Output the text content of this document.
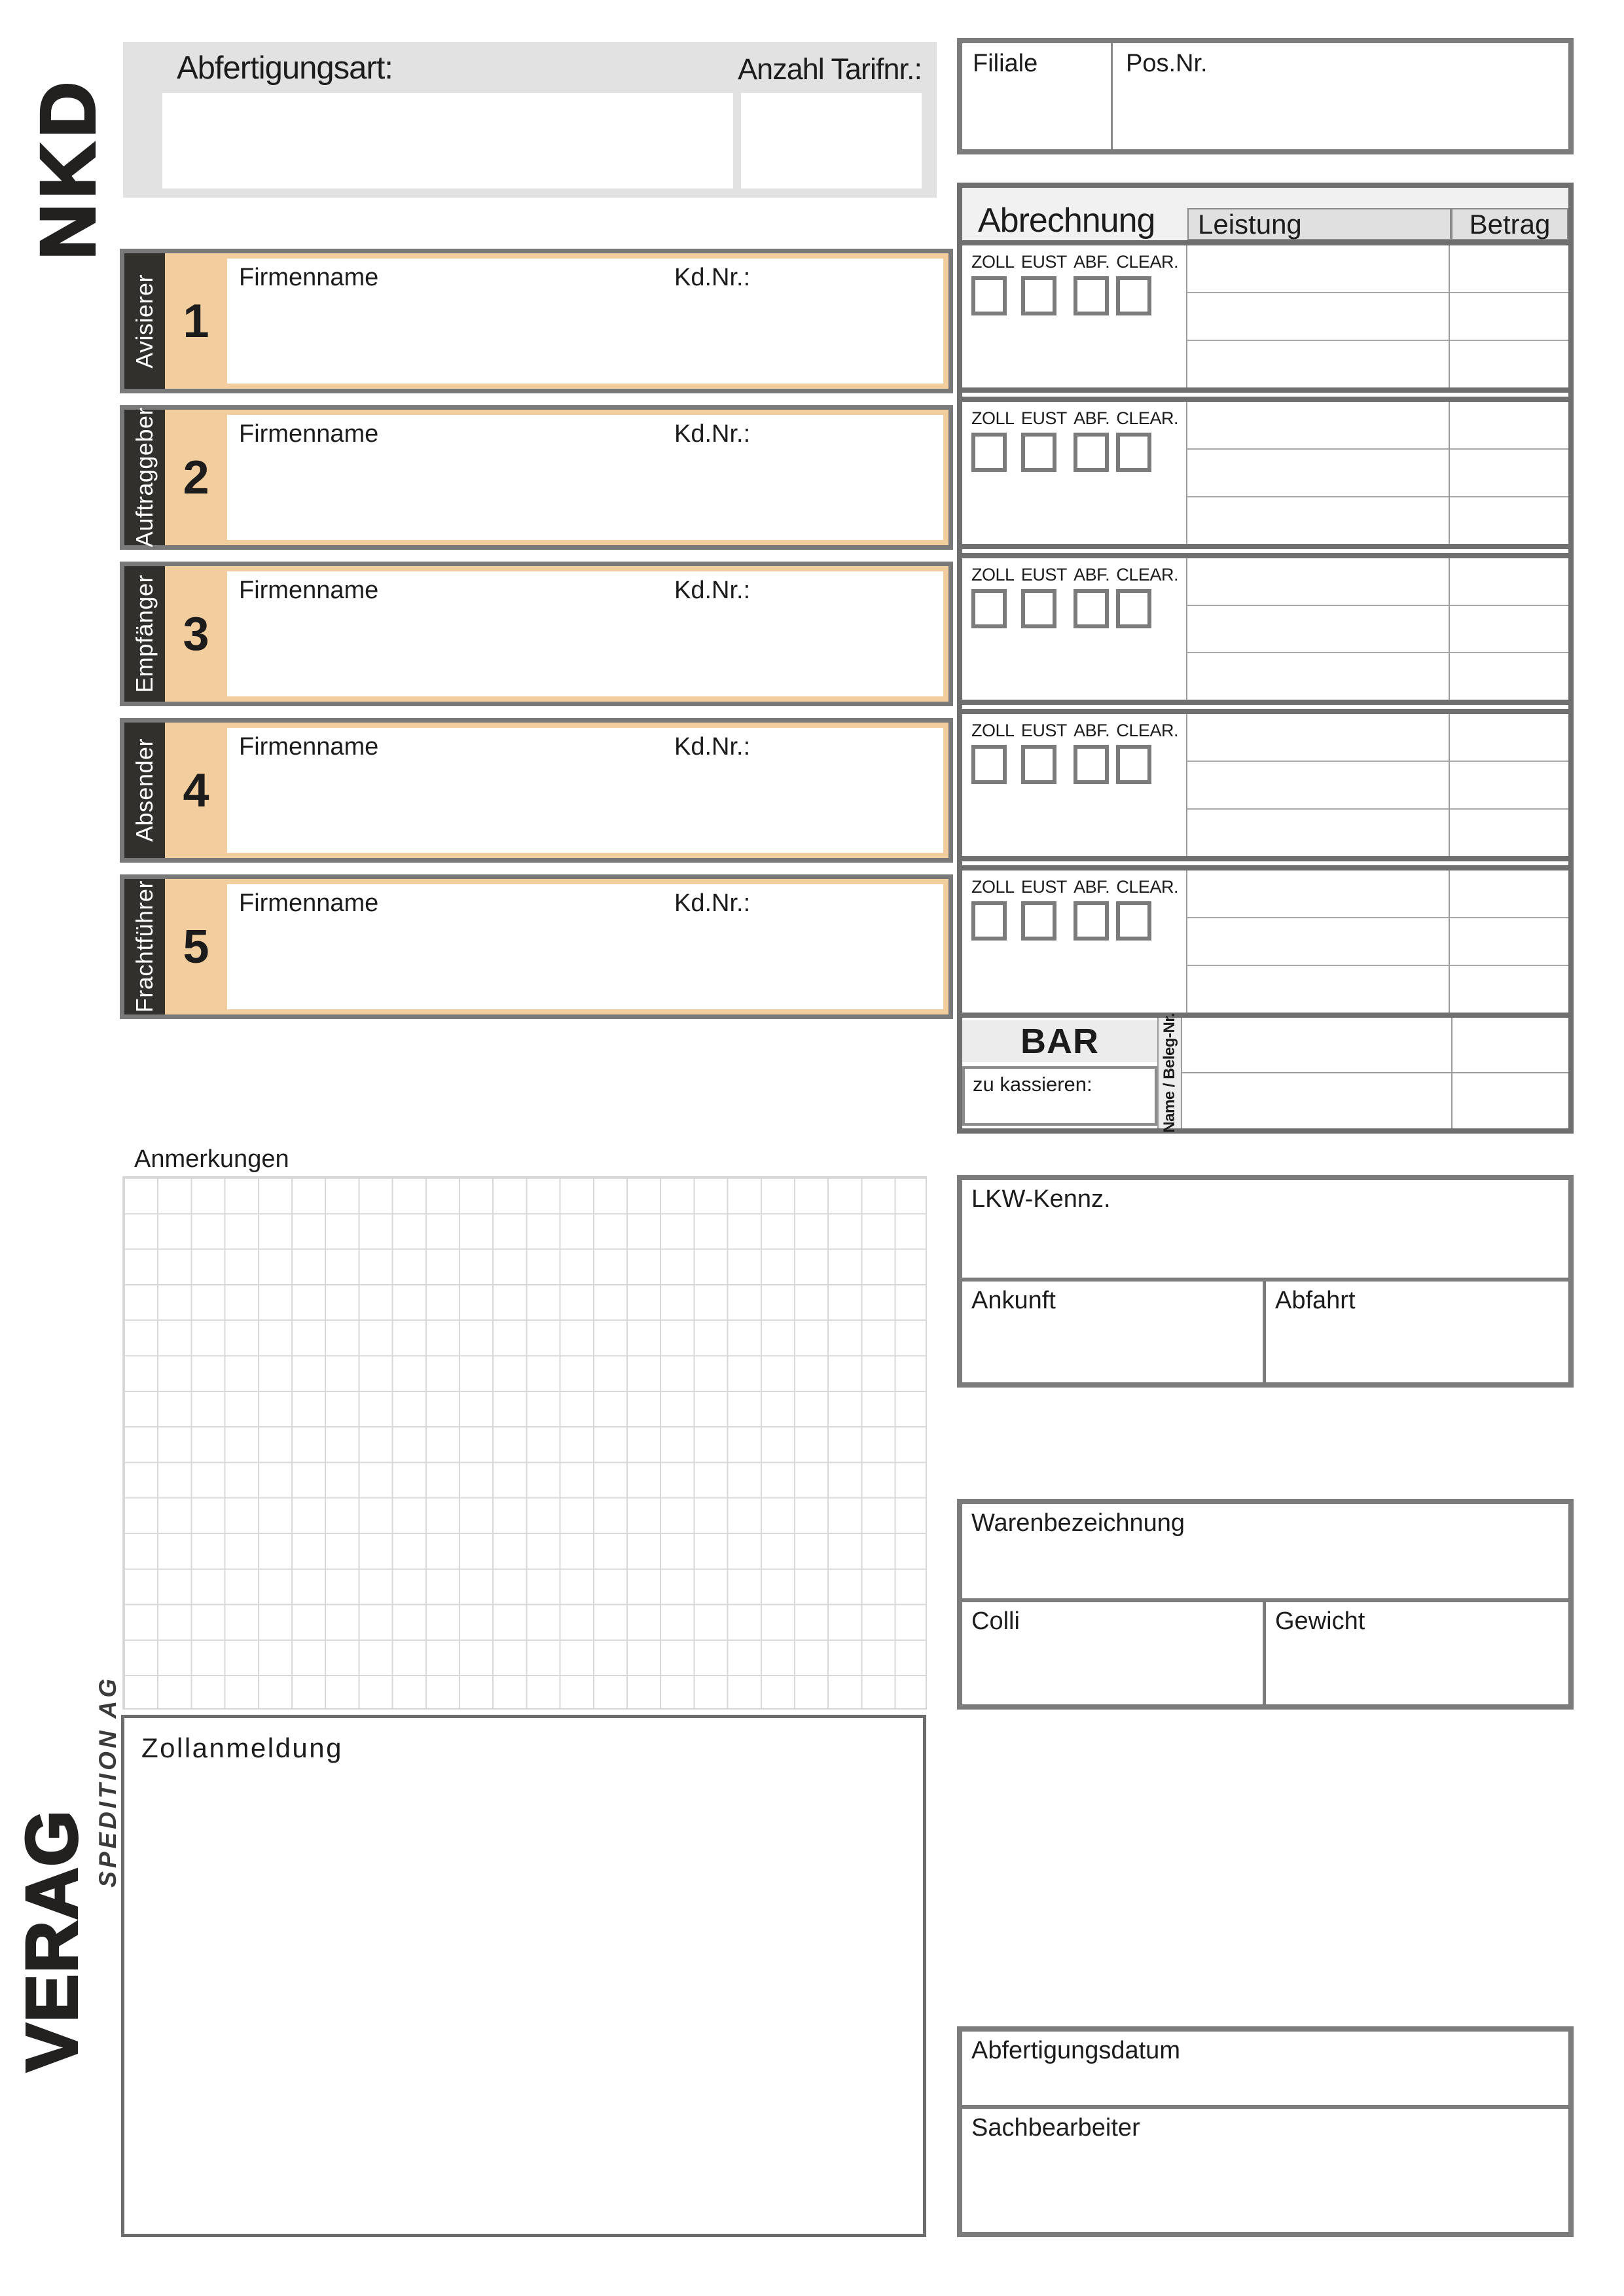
NKD
VERAG
SPEDITION AG
Abfertigungsart:	Anzahl Tarifnr.:	Filiale	Pos.Nr.
Abrechnung	Leistung	Betrag
ZOLL EUST ABF. CLEAR.
ZOLL EUST ABF. CLEAR.
ZOLL EUST ABF. CLEAR.
ZOLL EUST ABF. CLEAR.
ZOLL EUST ABF. CLEAR.
BAR
zu kassieren:	Name / Beleg-Nr.
Avisierer 1
Firmenname	Kd.Nr.:
Auftraggeber 2
Firmenname	Kd.Nr.:
Empfänger 3
Firmenname	Kd.Nr.:
Absender 4
Firmenname	Kd.Nr.:
Frachtführer 5
Firmenname	Kd.Nr.:
Anmerkungen
LKW-Kennz.
Ankunft	Abfahrt
Warenbezeichnung
Colli	Gewicht
Zollanmeldung
Abfertigungsdatum
Sachbearbeiter
